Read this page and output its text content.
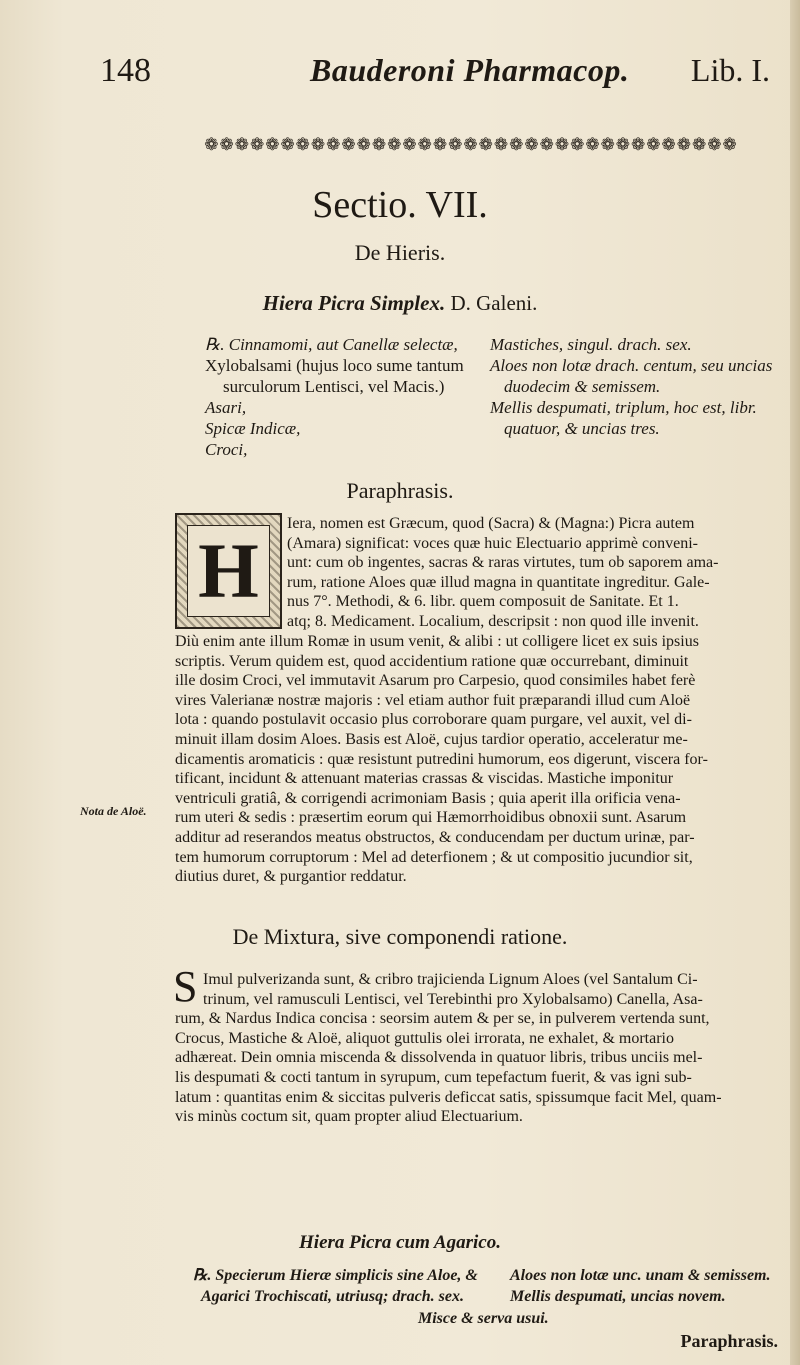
148	Bauderoni Pharmacop. Lib. I.
❁❁❁❁❁❁❁❁❁❁❁❁❁❁❁❁❁❁❁❁❁❁❁❁❁❁❁❁❁❁❁❁❁❁❁
Sectio. VII.
De Hieris.
Hiera Picra Simplex. D. Galeni.
℞. Cinnamomi, aut Canellæ selectæ,
Xylobalsami (hujus loco sume tantum
surculorum Lentisci, vel Macis.)
Asari,
Spicæ Indicæ,
Croci,
Mastiches, singul. drach. sex.
Aloes non lotæ drach. centum, seu uncias
duodecim & semissem.
Mellis despumati, triplum, hoc est, libr.
quatuor, & uncias tres.
Paraphrasis.
H
Iera, nomen est Græcum, quod (Sacra) & (Magna:) Picra autem
(Amara) significat: voces quæ huic Electuario apprimè conveni-
unt: cum ob ingentes, sacras & raras virtutes, tum ob saporem ama-
rum, ratione Aloes quæ illud magna in quantitate ingreditur. Gale-
nus 7°. Methodi, & 6. libr. quem composuit de Sanitate. Et 1.
atq; 8. Medicament. Localium, descripsit : non quod ille invenit.
Diù enim ante illum Romæ in usum venit, & alibi : ut colligere licet ex suis ipsius
scriptis. Verum quidem est, quod accidentium ratione quæ occurrebant, diminuit
ille dosim Croci, vel immutavit Asarum pro Carpesio, quod consimiles habet ferè
vires Valerianæ nostræ majoris : vel etiam author fuit præparandi illud cum Aloë
lota : quando postulavit occasio plus corroborare quam purgare, vel auxit, vel di-
minuit illam dosim Aloes. Basis est Aloë, cujus tardior operatio, acceleratur me-
dicamentis aromaticis : quæ resistunt putredini humorum, eos digerunt, viscera for-
tificant, incidunt & attenuant materias crassas & viscidas. Mastiche imponitur
ventriculi gratiâ, & corrigendi acrimoniam Basis ; quia aperit illa orificia vena-
rum uteri & sedis : præsertim eorum qui Hæmorrhoidibus obnoxii sunt. Asarum
additur ad reserandos meatus obstructos, & conducendam per ductum urinæ, par-
tem humorum corruptorum : Mel ad deterfionem ; & ut compositio jucundior sit,
diutius duret, & purgantior reddatur.
Nota de Aloë.
De Mixtura, sive componendi ratione.
S Imul pulverizanda sunt, & cribro trajicienda Lignum Aloes (vel Santalum Ci-
trinum, vel ramusculi Lentisci, vel Terebinthi pro Xylobalsamo) Canella, Asa-
rum, & Nardus Indica concisa : seorsim autem & per se, in pulverem vertenda sunt,
Crocus, Mastiche & Aloë, aliquot guttulis olei irrorata, ne exhalet, & mortario
adhæreat. Dein omnia miscenda & dissolvenda in quatuor libris, tribus unciis mel-
lis despumati & cocti tantum in syrupum, cum tepefactum fuerit, & vas igni sub-
latum : quantitas enim & siccitas pulveris deficcat satis, spissumque facit Mel, quam-
vis minùs coctum sit, quam propter aliud Electuarium.
Hiera Picra cum Agarico.
℞. Specierum Hieræ simplicis sine Aloe, &
Agarici Trochiscati, utriusq; drach. sex.
Aloes non lotæ unc. unam & semissem.
Mellis despumati, uncias novem.
Misce & serva usui.
Paraphrasis.
